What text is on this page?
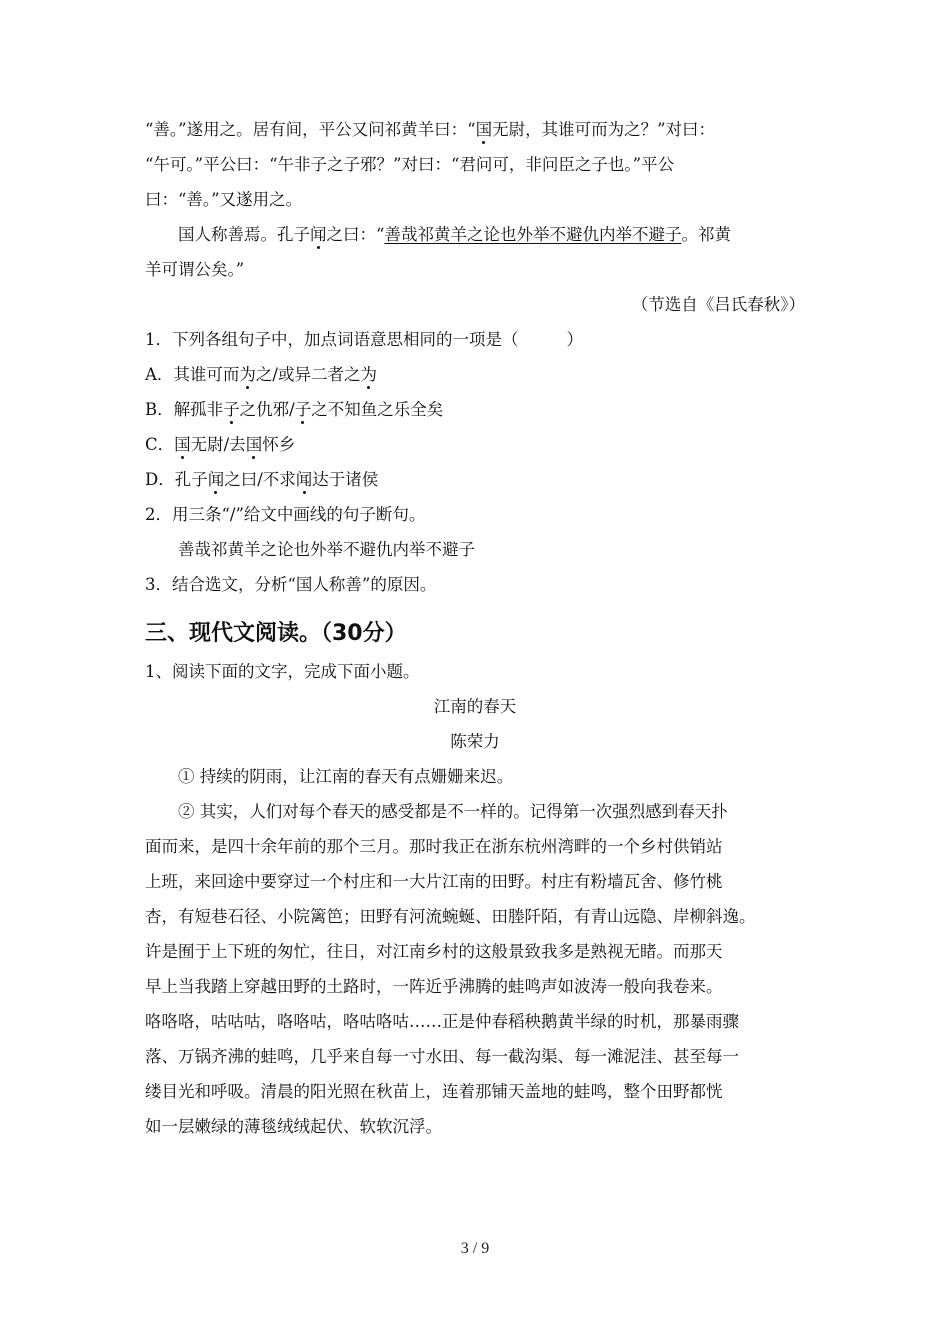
“善。”遂用之。居有间，平公又问祁黄羊曰：“国无尉，其谁可而为之？”对曰：
“午可。”平公曰：“午非子之子邪？”对曰：“君问可，非问臣之子也。”平公
曰：“善。”又遂用之。
国人称善焉。孔子闻之曰：“善哉祁黄羊之论也外举不避仇内举不避子。祁黄
羊可谓公矣。”
（节选自《吕氏春秋》）
1．下列各组句子中，加点词语意思相同的一项是（	）
A．其谁可而为之/或异二者之为
B．解孤非子之仇邪/子之不知鱼之乐全矣
C．国无尉/去国怀乡
D．孔子闻之曰/不求闻达于诸侯
2．用三条“/”给文中画线的句子断句。
善哉祁黄羊之论也外举不避仇内举不避子
3．结合选文，分析“国人称善”的原因。
三、现代文阅读。（30分）
1、阅读下面的文字，完成下面小题。
江南的春天
陈荣力
① 持续的阴雨，让江南的春天有点姗姗来迟。
② 其实，人们对每个春天的感受都是不一样的。记得第一次强烈感到春天扑
面而来，是四十余年前的那个三月。那时我正在浙东杭州湾畔的一个乡村供销站
上班，来回途中要穿过一个村庄和一大片江南的田野。村庄有粉墙瓦舍、修竹桃
杏，有短巷石径、小院篱笆；田野有河流蜿蜒、田塍阡陌，有青山远隐、岸柳斜逸。
许是囿于上下班的匆忙，往日，对江南乡村的这般景致我多是熟视无睹。而那天
早上当我踏上穿越田野的土路时，一阵近乎沸腾的蛙鸣声如波涛一般向我卷来。
咯咯咯，咕咕咕，咯咯咕，咯咕咯咕……正是仲春稻秧鹅黄半绿的时机，那暴雨骤
落、万锅齐沸的蛙鸣，几乎来自每一寸水田、每一截沟渠、每一滩泥洼、甚至每一
缕目光和呼吸。清晨的阳光照在秋苗上，连着那铺天盖地的蛙鸣，整个田野都恍
如一层嫩绿的薄毯绒绒起伏、软软沉浮。
3 / 9
